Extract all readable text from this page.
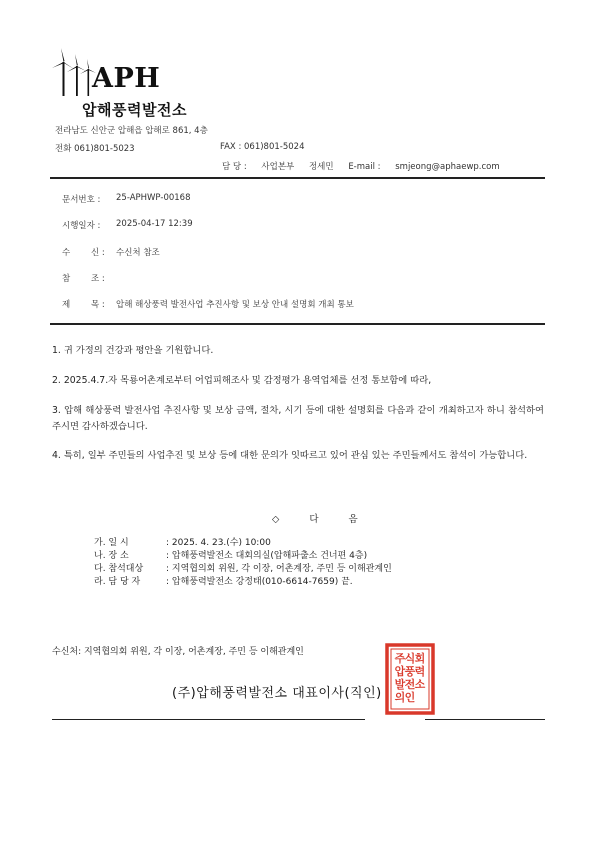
APH
압해풍력발전소
전라남도 신안군 압해읍 압해로 861, 4층
전화 061)801-5023	FAX : 061)801-5024
담 당 : 사업본부 정세민 E-mail : smjeong@aphaewp.com
문서번호 : 25-APHWP-00168
시행일자 : 2025-04-17 12:39
수 신 : 수신처 참조
참 조 :
제 목 : 압해 해상풍력 발전사업 추진사항 및 보상 안내 설명회 개최 통보
1. 귀 가정의 건강과 평안을 기원합니다.
2. 2025.4.7.자 목룡어촌계로부터 어업피해조사 및 감정평가 용역업체를 선정 통보함에 따라,
3. 압해 해상풍력 발전사업 추진사항 및 보상 금액, 절차, 시기 등에 대한 설명회를 다음과 같이 개최하고자 하니 참석하여 주시면 감사하겠습니다.
4. 특히, 일부 주민들의 사업추진 및 보상 등에 대한 문의가 잇따르고 있어 관심 있는 주민들께서도 참석이 가능합니다.
◇	다	음
가. 일 시	: 2025. 4. 23.(수) 10:00
나. 장 소	: 압해풍력발전소 대회의실(압해파출소 건너편 4층)
다. 참석대상	: 지역협의회 위원, 각 이장, 어촌계장, 주민 등 이해관계인
라. 담 당 자	: 압해풍력발전소 강정태(010-6614-7659) 끝.
수신처: 지역협의회 위원, 각 이장, 어촌계장, 주민 등 이해관계인
(주)압해풍력발전소 대표이사(직인)
주 식 회
압 풍 력
발 전 소
의 인
